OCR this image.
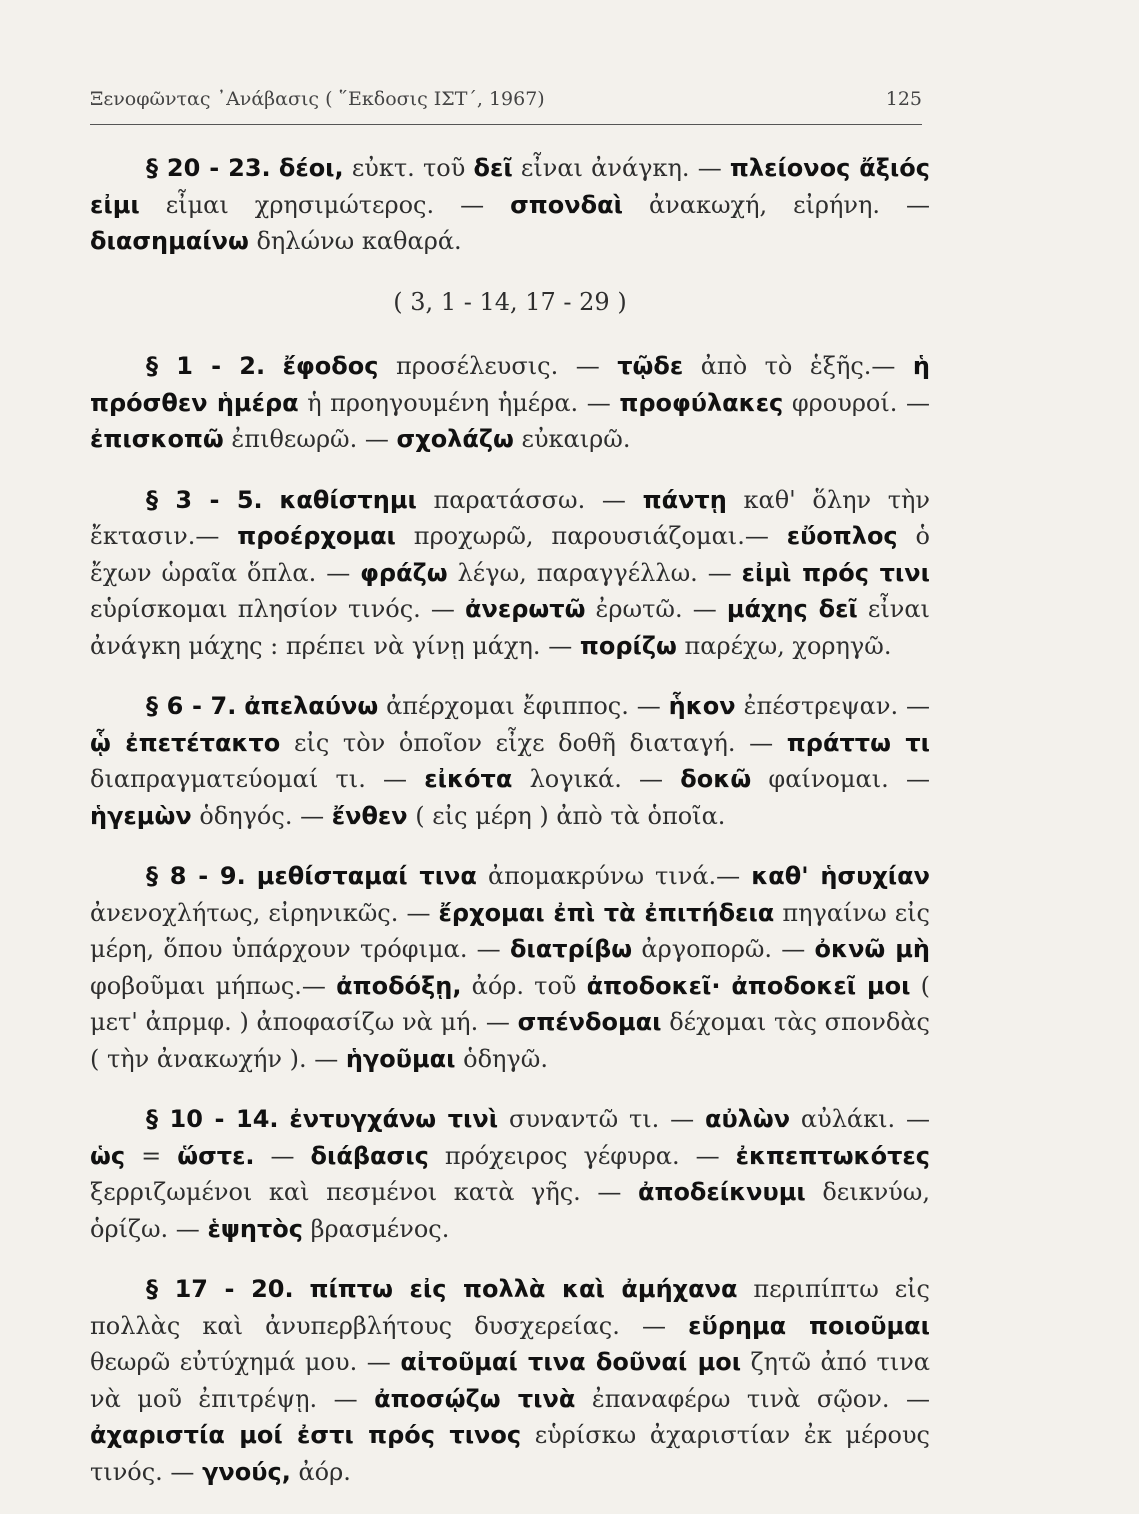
Ξενοφῶντας ᾿Ανάβασις ( ῞Εκδοσις ΙΣΤ΄, 1967)	125

§ 20 - 23. δέοι, εὐκτ. τοῦ δεῖ εἶναι ἀνάγκη. — πλείονος ἄξιός εἰμι εἶμαι χρησιμώτερος. — σπονδαὶ ἀνακωχή, εἰρήνη. — διασημαίνω δηλώνω καθαρά.

( 3, 1 - 14, 17 - 29 )

§ 1 - 2. ἔφοδος προσέλευσις. — τῷδε ἀπὸ τὸ ἑξῆς.— ἡ πρόσθεν ἡμέρα ἡ προηγουμένη ἡμέρα. — προφύλακες φρουροί. — ἐπισκοπῶ ἐπιθεωρῶ. — σχολάζω εὐκαιρῶ.

§ 3 - 5. καθίστημι παρατάσσω. — πάντῃ καθ' ὅλην τὴν ἔκτασιν.— προέρχομαι προχωρῶ, παρουσιάζομαι.— εὔοπλος ὁ ἔχων ὡραῖα ὅπλα. — φράζω λέγω, παραγγέλλω. — εἰμὶ πρός τινι εὑρίσκομαι πλησίον τινός. — ἀνερωτῶ ἐρωτῶ. — μάχης δεῖ εἶναι ἀνάγκη μάχης : πρέπει νὰ γίνῃ μάχη. — πορίζω παρέχω, χορηγῶ.

§ 6 - 7. ἀπελαύνω ἀπέρχομαι ἔφιππος. — ἧκον ἐπέστρεψαν. — ᾧ ἐπετέτακτο εἰς τὸν ὁποῖον εἶχε δοθῆ διαταγή. — πράττω τι διαπραγματεύομαί τι. — εἰκότα λογικά. — δοκῶ φαίνομαι. — ἡγεμὼν ὁδηγός. — ἔνθεν ( εἰς μέρη ) ἀπὸ τὰ ὁποῖα.

§ 8 - 9. μεθίσταμαί τινα ἀπομακρύνω τινά.— καθ' ἡσυχίαν ἀνενοχλήτως, εἰρηνικῶς. — ἔρχομαι ἐπὶ τὰ ἐπιτήδεια πηγαίνω εἰς μέρη, ὅπου ὑπάρχουν τρόφιμα. — διατρίβω ἀργοπορῶ. — ὀκνῶ μὴ φοβοῦμαι μήπως.— ἀποδόξῃ, ἀόρ. τοῦ ἀποδοκεῖ· ἀποδοκεῖ μοι ( μετ' ἀπρμφ. ) ἀποφασίζω νὰ μή. — σπένδομαι δέχομαι τὰς σπονδὰς ( τὴν ἀνακωχήν ). — ἡγοῦμαι ὁδηγῶ.

§ 10 - 14. ἐντυγχάνω τινὶ συναντῶ τι. — αὐλὼν αὐλάκι. — ὡς = ὥστε. — διάβασις πρόχειρος γέφυρα. — ἐκπεπτωκότες ξερριζωμένοι καὶ πεσμένοι κατὰ γῆς. — ἀποδείκνυμι δεικνύω, ὁρίζω. — ἑψητὸς βρασμένος.

§ 17 - 20. πίπτω εἰς πολλὰ καὶ ἀμήχανα περιπίπτω εἰς πολλὰς καὶ ἀνυπερβλήτους δυσχερείας. — εὕρημα ποιοῦμαι θεωρῶ εὐτύχημά μου. — αἰτοῦμαί τινα δοῦναί μοι ζητῶ ἀπό τινα νὰ μοῦ ἐπιτρέψῃ. — ἀποσῴζω τινὰ ἐπαναφέρω τινὰ σῷον. — ἀχαριστία μοί ἐστι πρός τινος εὑρίσκω ἀχαριστίαν ἐκ μέρους τινός. — γνούς, ἀόρ.
